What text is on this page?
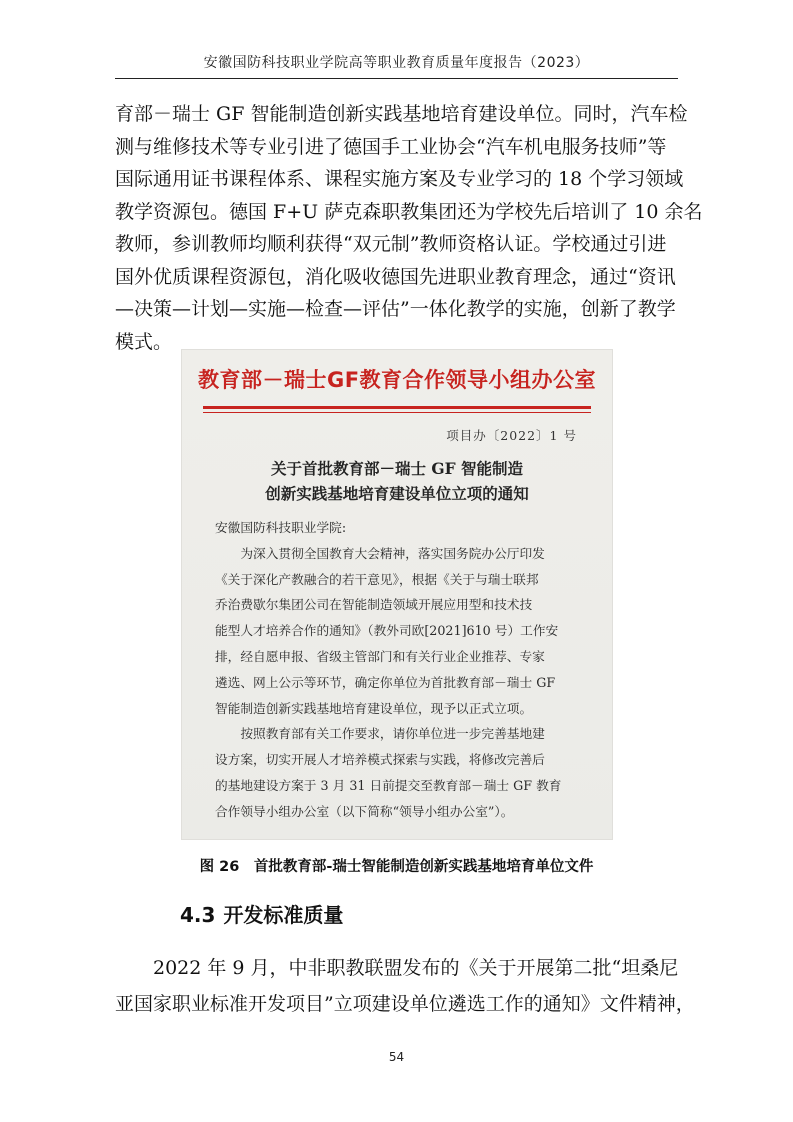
安徽国防科技职业学院高等职业教育质量年度报告（2023）
育部－瑞士 GF 智能制造创新实践基地培育建设单位。同时，汽车检
测与维修技术等专业引进了德国手工业协会“汽车机电服务技师”等
国际通用证书课程体系、课程实施方案及专业学习的 18 个学习领域
教学资源包。德国 F+U 萨克森职教集团还为学校先后培训了 10 余名
教师，参训教师均顺利获得“双元制”教师资格认证。学校通过引进
国外优质课程资源包，消化吸收德国先进职业教育理念，通过“资讯
—决策—计划—实施—检查—评估”一体化教学的实施，创新了教学
模式。
教育部－瑞士GF教育合作领导小组办公室
项目办〔2022〕1 号
关于首批教育部－瑞士 GF 智能制造
创新实践基地培育建设单位立项的通知
安徽国防科技职业学院:
　　为深入贯彻全国教育大会精神，落实国务院办公厅印发
《关于深化产教融合的若干意见》，根据《关于与瑞士联邦
乔治费歇尔集团公司在智能制造领域开展应用型和技术技
能型人才培养合作的通知》（教外司欧[2021]610 号）工作安
排，经自愿申报、省级主管部门和有关行业企业推荐、专家
遴选、网上公示等环节，确定你单位为首批教育部－瑞士 GF
智能制造创新实践基地培育建设单位，现予以正式立项。
　　按照教育部有关工作要求，请你单位进一步完善基地建
设方案，切实开展人才培养模式探索与实践，将修改完善后
的基地建设方案于 3 月 31 日前提交至教育部－瑞士 GF 教育
合作领导小组办公室（以下简称“领导小组办公室”）。
图 26　首批教育部-瑞士智能制造创新实践基地培育单位文件
4.3 开发标准质量
　　2022 年 9 月，中非职教联盟发布的《关于开展第二批“坦桑尼
亚国家职业标准开发项目”立项建设单位遴选工作的通知》文件精神，
54
